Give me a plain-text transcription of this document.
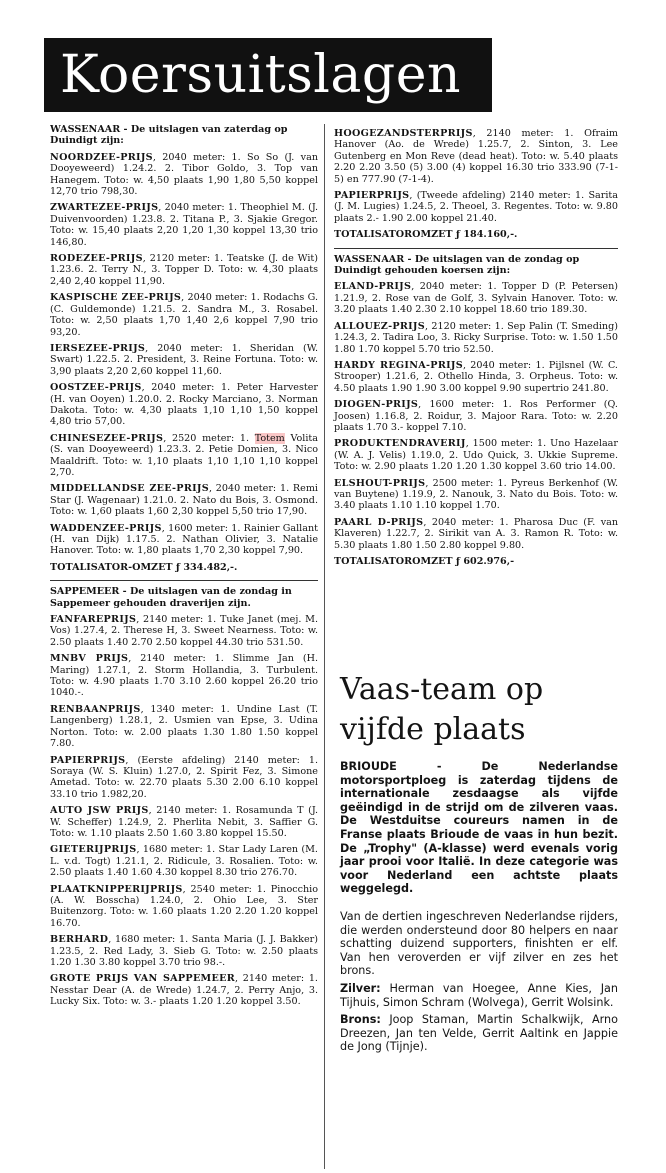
Koersuitslagen
WASSENAAR - De uitslagen van zaterdag op Duindigt zijn:
NOORDZEE-PRIJS, 2040 meter: 1. So So (J. van Dooyeweerd) 1.24.2. 2. Tibor Goldo, 3. Top van Hanegem. Toto: w. 4,50 plaats 1,90 1,80 5,50 koppel 12,70 trio 798,30.
ZWARTEZEE-PRIJS, 2040 meter: 1. Theophiel M. (J. Duivenvoorden) 1.23.8. 2. Titana P., 3. Sjakie Gregor. Toto: w. 15,40 plaats 2,20 1,20 1,30 koppel 13,30 trio 146,80.
RODEZEE-PRIJS, 2120 meter: 1. Teatske (J. de Wit) 1.23.6. 2. Terry N., 3. Topper D. Toto: w. 4,30 plaats 2,40 2,40 koppel 11,90.
KASPISCHE ZEE-PRIJS, 2040 meter: 1. Rodachs G. (C. Guldemonde) 1.21.5. 2. Sandra M., 3. Rosabel. Toto: w. 2,50 plaats 1,70 1,40 2,6 koppel 7,90 trio 93,20.
IERSEZEE-PRIJS, 2040 meter: 1. Sheridan (W. Swart) 1.22.5. 2. President, 3. Reine Fortuna. Toto: w. 3,90 plaats 2,20 2,60 koppel 11,60.
OOSTZEE-PRIJS, 2040 meter: 1. Peter Harvester (H. van Ooyen) 1.20.0. 2. Rocky Marciano, 3. Norman Dakota. Toto: w. 4,30 plaats 1,10 1,10 1,50 koppel 4,80 trio 57,00.
CHINESEZEE-PRIJS, 2520 meter: 1. Totem Volita (S. van Dooyeweerd) 1.23.3. 2. Petie Domien, 3. Nico Maaldrift. Toto: w. 1,10 plaats 1,10 1,10 1,10 koppel 2,70.
MIDDELLANDSE ZEE-PRIJS, 2040 meter: 1. Remi Star (J. Wagenaar) 1.21.0. 2. Nato du Bois, 3. Osmond. Toto: w. 1,60 plaats 1,60 2,30 koppel 5,50 trio 17,90.
WADDENZEE-PRIJS, 1600 meter: 1. Rainier Gallant (H. van Dijk) 1.17.5. 2. Nathan Olivier, 3. Natalie Hanover. Toto: w. 1,80 plaats 1,70 2,30 koppel 7,90.
TOTALISATOR-OMZET ƒ 334.482,-.
SAPPEMEER - De uitslagen van de zondag in Sappemeer gehouden draverijen zijn.
FANFAREPRIJS, 2140 meter: 1. Tuke Janet (mej. M. Vos) 1.27.4, 2. Therese H, 3. Sweet Nearness. Toto: w. 2.50 plaats 1.40 2.70 2.50 koppel 44.30 trio 531.50.
MNBV PRIJS, 2140 meter: 1. Slimme Jan (H. Maring) 1.27.1, 2. Storm Hollandia, 3. Turbulent. Toto: w. 4.90 plaats 1.70 3.10 2.60 koppel 26.20 trio 1040.-.
RENBAANPRIJS, 1340 meter: 1. Undine Last (T. Langenberg) 1.28.1, 2. Usmien van Epse, 3. Udina Norton. Toto: w. 2.00 plaats 1.30 1.80 1.50 koppel 7.80.
PAPIERPRIJS, (Eerste afdeling) 2140 meter: 1. Soraya (W. S. Kluin) 1.27.0, 2. Spirit Fez, 3. Simone Ametad. Toto: w. 22.70 plaats 5.30 2.00 6.10 koppel 33.10 trio 1.982,20.
AUTO JSW PRIJS, 2140 meter: 1. Rosamunda T (J. W. Scheffer) 1.24.9, 2. Pherlita Nebit, 3. Saffier G. Toto: w. 1.10 plaats 2.50 1.60 3.80 koppel 15.50.
GIETERIJPRIJS, 1680 meter: 1. Star Lady Laren (M. L. v.d. Togt) 1.21.1, 2. Ridicule, 3. Rosalien. Toto: w. 2.50 plaats 1.40 1.60 4.30 koppel 8.30 trio 276.70.
PLAATKNIPPERIJPRIJS, 2540 meter: 1. Pinocchio (A. W. Bosscha) 1.24.0, 2. Ohio Lee, 3. Ster Buitenzorg. Toto: w. 1.60 plaats 1.20 2.20 1.20 koppel 16.70.
BERHARD, 1680 meter: 1. Santa Maria (J. J. Bakker) 1.23.5, 2. Red Lady, 3. Sieb G. Toto: w. 2.50 plaats 1.20 1.30 3.80 koppel 3.70 trio 98.-.
GROTE PRIJS VAN SAPPEMEER, 2140 meter: 1. Nesstar Dear (A. de Wrede) 1.24.7, 2. Perry Anjo, 3. Lucky Six. Toto: w. 3.- plaats 1.20 1.20 koppel 3.50.
HOOGEZANDSTERPRIJS, 2140 meter: 1. Ofraim Hanover (Ao. de Wrede) 1.25.7, 2. Sinton, 3. Lee Gutenberg en Mon Reve (dead heat). Toto: w. 5.40 plaats 2.20 2.20 3.50 (5) 3.00 (4) koppel 16.30 trio 333.90 (7-1-5) en 777.90 (7-1-4).
PAPIERPRIJS, (Tweede afdeling) 2140 meter: 1. Sarita (J. M. Lugies) 1.24.5, 2. Theoel, 3. Regentes. Toto: w. 9.80 plaats 2.- 1.90 2.00 koppel 21.40.
TOTALISATOROMZET ƒ 184.160,-.
WASSENAAR - De uitslagen van de zondag op Duindigt gehouden koersen zijn:
ELAND-PRIJS, 2040 meter: 1. Topper D (P. Petersen) 1.21.9, 2. Rose van de Golf, 3. Sylvain Hanover. Toto: w. 3.20 plaats 1.40 2.30 2.10 koppel 18.60 trio 189.30.
ALLOUEZ-PRIJS, 2120 meter: 1. Sep Palin (T. Smeding) 1.24.3, 2. Tadira Loo, 3. Ricky Surprise. Toto: w. 1.50 1.50 1.80 1.70 koppel 5.70 trio 52.50.
HARDY REGINA-PRIJS, 2040 meter: 1. Pijlsnel (W. C. Strooper) 1.21.6, 2. Othello Hinda, 3. Orpheus. Toto: w. 4.50 plaats 1.90 1.90 3.00 koppel 9.90 supertrio 241.80.
DIOGEN-PRIJS, 1600 meter: 1. Ros Performer (Q. Joosen) 1.16.8, 2. Roidur, 3. Majoor Rara. Toto: w. 2.20 plaats 1.70 3.- koppel 7.10.
PRODUKTENDRAVERIJ, 1500 meter: 1. Uno Hazelaar (W. A. J. Velis) 1.19.0, 2. Udo Quick, 3. Ukkie Supreme. Toto: w. 2.90 plaats 1.20 1.20 1.30 koppel 3.60 trio 14.00.
ELSHOUT-PRIJS, 2500 meter: 1. Pyreus Berkenhof (W. van Buytene) 1.19.9, 2. Nanouk, 3. Nato du Bois. Toto: w. 3.40 plaats 1.10 1.10 koppel 1.70.
PAARL D-PRIJS, 2040 meter: 1. Pharosa Duc (F. van Klaveren) 1.22.7, 2. Sirikit van A. 3. Ramon R. Toto: w. 5.30 plaats 1.80 1.50 2.80 koppel 9.80.
TOTALISATOROMZET ƒ 602.976,-
Vaas-team op vijfde plaats
BRIOUDE - De Nederlandse motorsportploeg is zaterdag tijdens de internationale zesdaagse als vijfde geëindigd in de strijd om de zilveren vaas. De Westduitse coureurs namen in de Franse plaats Brioude de vaas in hun bezit. De „Trophy" (A-klasse) werd evenals vorig jaar prooi voor Italië. In deze categorie was voor Nederland een achtste plaats weggelegd.
Van de dertien ingeschreven Nederlandse rijders, die werden ondersteund door 80 helpers en naar schatting duizend supporters, finishten er elf. Van hen veroverden er vijf zilver en zes het brons.
Zilver: Herman van Hoegee, Anne Kies, Jan Tijhuis, Simon Schram (Wolvega), Gerrit Wolsink.
Brons: Joop Staman, Martin Schalkwijk, Arno Dreezen, Jan ten Velde, Gerrit Aaltink en Jappie de Jong (Tijnje).
